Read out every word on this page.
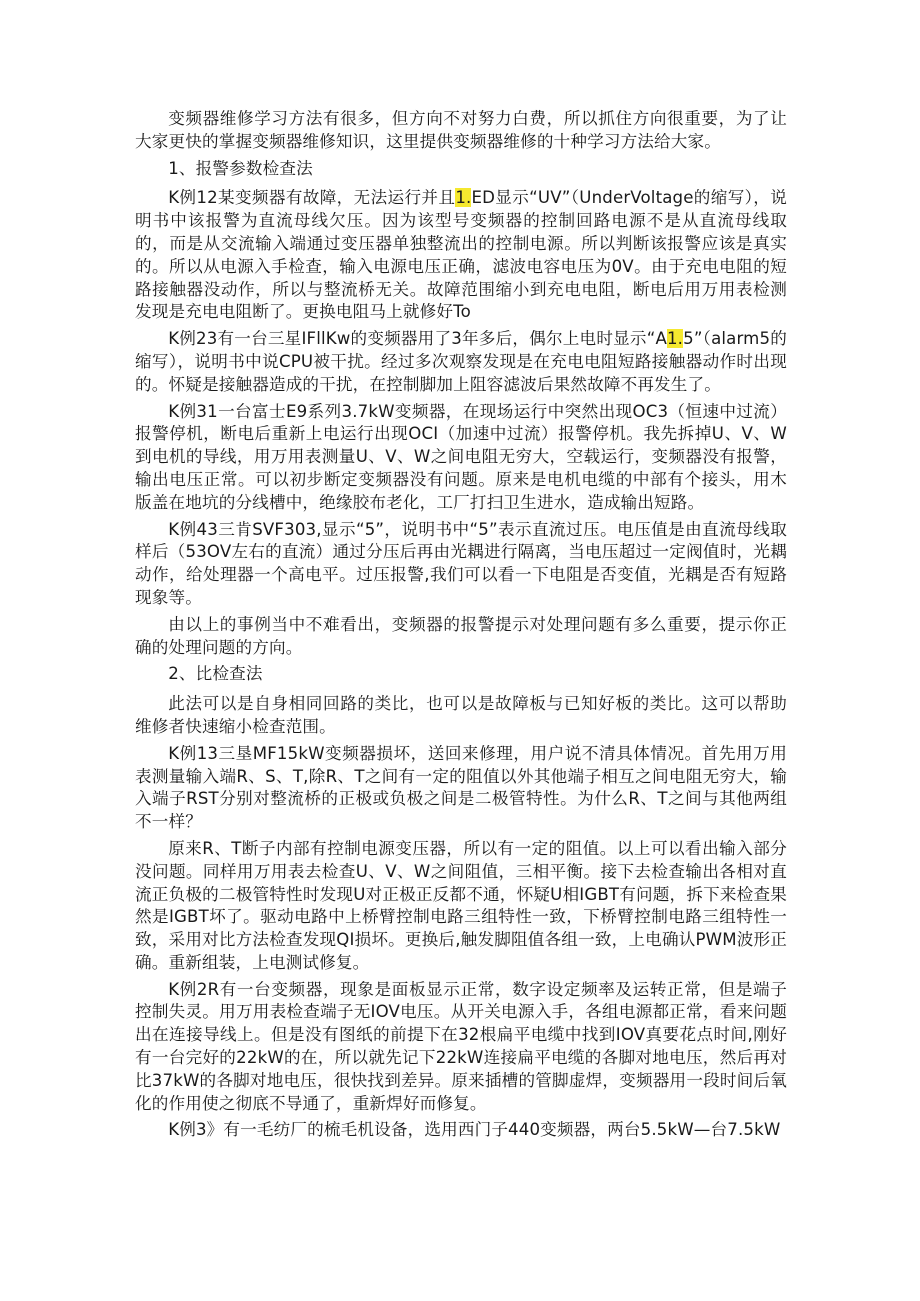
变频器维修学习方法有很多，但方向不对努力白费，所以抓住方向很重要，为了让大家更快的掌握变频器维修知识，这里提供变频器维修的十种学习方法给大家。

1、报警参数检查法

K例12某变频器有故障，无法运行并且1.ED显示“UV”（UnderVoltage的缩写），说明书中该报警为直流母线欠压。因为该型号变频器的控制回路电源不是从直流母线取的，而是从交流输入端通过变压器单独整流出的控制电源。所以判断该报警应该是真实的。所以从电源入手检查，输入电源电压正确，滤波电容电压为0V。由于充电电阻的短路接触器没动作，所以与整流桥无关。故障范围缩小到充电电阻，断电后用万用表检测发现是充电电阻断了。更换电阻马上就修好To

K例23有一台三星IFllKw的变频器用了3年多后，偶尔上电时显示“A1.5”（alarm5的缩写），说明书中说CPU被干扰。经过多次观察发现是在充电电阻短路接触器动作时出现的。怀疑是接触器造成的干扰，在控制脚加上阻容滤波后果然故障不再发生了。

K例31一台富士E9系列3.7kW变频器，在现场运行中突然出现OC3（恒速中过流）报警停机，断电后重新上电运行出现OCI（加速中过流）报警停机。我先拆掉U、V、W到电机的导线，用万用表测量U、V、W之间电阻无穷大，空载运行，变频器没有报警，输出电压正常。可以初步断定变频器没有问题。原来是电机电缆的中部有个接头，用木版盖在地坑的分线槽中，绝缘胶布老化，工厂打扫卫生进水，造成输出短路。

K例43三肯SVF303,显示“5”，说明书中“5”表示直流过压。电压值是由直流母线取样后（53OV左右的直流）通过分压后再由光耦进行隔离，当电压超过一定阀值时，光耦动作，给处理器一个高电平。过压报警,我们可以看一下电阻是否变值，光耦是否有短路现象等。

由以上的事例当中不难看出，变频器的报警提示对处理问题有多么重要，提示你正确的处理问题的方向。

2、比检查法

此法可以是自身相同回路的类比，也可以是故障板与已知好板的类比。这可以帮助维修者快速缩小检查范围。

K例13三垦MF15kW变频器损坏，送回来修理，用户说不清具体情况。首先用万用表测量输入端R、S、T,除R、T之间有一定的阻值以外其他端子相互之间电阻无穷大，输入端子RST分别对整流桥的正极或负极之间是二极管特性。为什么R、T之间与其他两组不一样？

原来R、T断子内部有控制电源变压器，所以有一定的阻值。以上可以看出输入部分没问题。同样用万用表去检查U、V、W之间阻值，三相平衡。接下去检查输出各相对直流正负极的二极管特性时发现U对正极正反都不通，怀疑U相IGBT有问题，拆下来检查果然是IGBT坏了。驱动电路中上桥臂控制电路三组特性一致，下桥臂控制电路三组特性一致，采用对比方法检查发现QI损坏。更换后,触发脚阻值各组一致，上电确认PWM波形正确。重新组装，上电测试修复。

K例2R有一台变频器，现象是面板显示正常，数字设定频率及运转正常，但是端子控制失灵。用万用表检查端子无IOV电压。从开关电源入手，各组电源都正常，看来问题出在连接导线上。但是没有图纸的前提下在32根扁平电缆中找到IOV真要花点时间,刚好有一台完好的22kW的在，所以就先记下22kW连接扁平电缆的各脚对地电压，然后再对比37kW的各脚对地电压，很快找到差异。原来插槽的管脚虚焊，变频器用一段时间后氧化的作用使之彻底不导通了，重新焊好而修复。

K例3》有一毛纺厂的梳毛机设备，选用西门子440变频器，两台5.5kW—台7.5kW
